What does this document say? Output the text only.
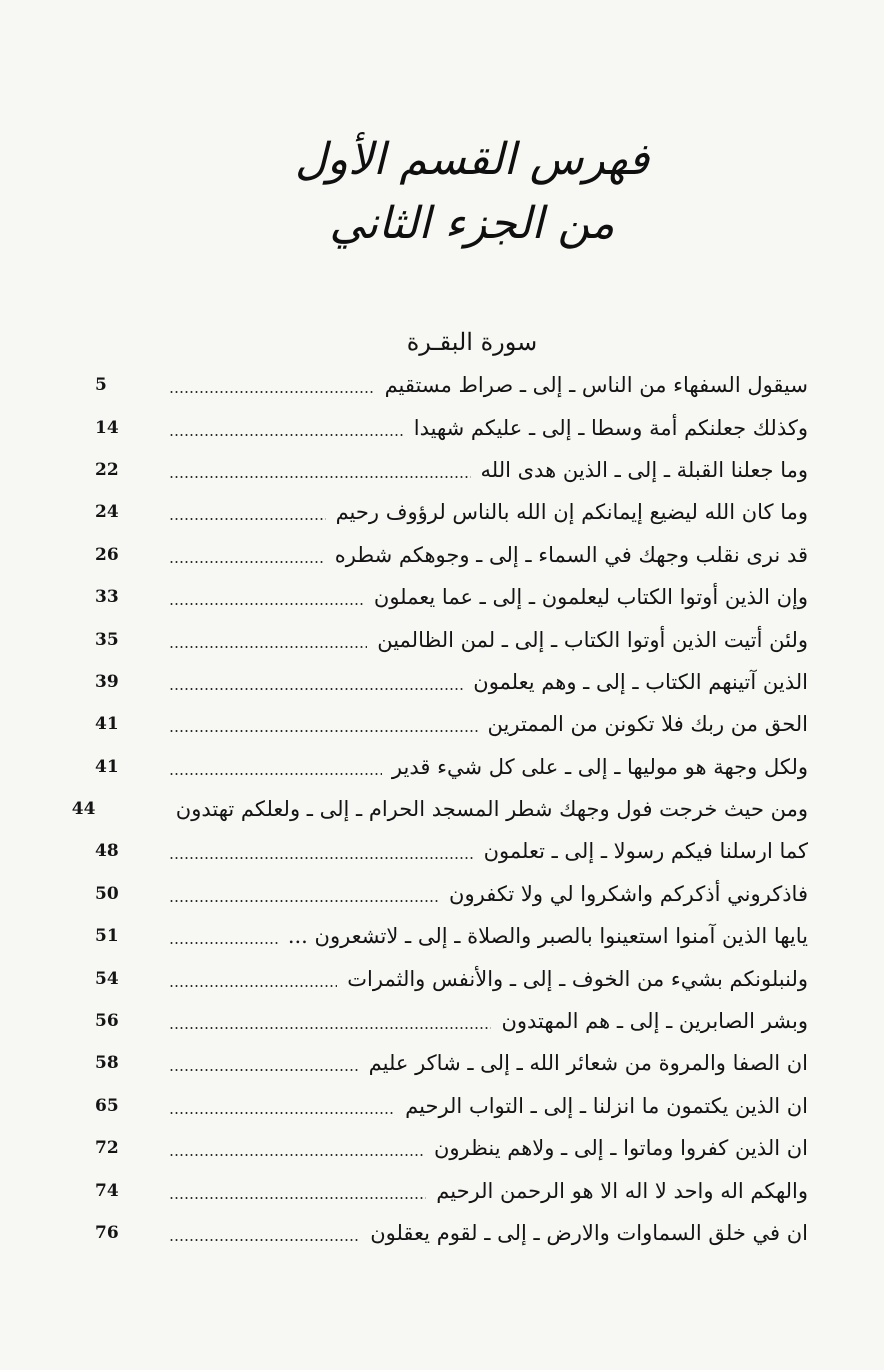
فهرس القسم الأول
من الجزء الثاني
سورة البقـرة
سيقول السفهاء من الناس ـ إلى ـ صراط مستقيم
5
وكذلك جعلنكم أمة وسطا ـ إلى ـ عليكم شهيدا
14
وما جعلنا القبلة ـ إلى ـ الذين هدى الله
22
وما كان الله ليضيع إيمانكم إن الله بالناس لرؤوف رحيم
24
قد نرى نقلب وجهك في السماء ـ إلى ـ وجوهكم شطره
26
وإن الذين أوتوا الكتاب ليعلمون ـ إلى ـ عما يعملون
33
ولئن أتيت الذين أوتوا الكتاب ـ إلى ـ لمن الظالمين
35
الذين آتينهم الكتاب ـ إلى ـ وهم يعلمون
39
الحق من ربك فلا تكونن من الممترين
41
ولكل وجهة هو موليها ـ إلى ـ على كل شيء قدير
41
ومن حيث خرجت فول وجهك شطر المسجد الحرام ـ إلى ـ ولعلكم تهتدون
44
كما ارسلنا فيكم رسولا ـ إلى ـ تعلمون
48
فاذكروني أذكركم واشكروا لي ولا تكفرون
50
يايها الذين آمنوا استعينوا بالصبر والصلاة ـ إلى ـ لاتشعرون ...
51
ولنبلونكم بشيء من الخوف ـ إلى ـ والأنفس والثمرات
54
وبشر الصابرين ـ إلى ـ هم المهتدون
56
ان الصفا والمروة من شعائر الله ـ إلى ـ شاكر عليم
58
ان الذين يكتمون ما انزلنا ـ إلى ـ التواب الرحيم
65
ان الذين كفروا وماتوا ـ إلى ـ ولاهم ينظرون
72
والهكم اله واحد لا اله الا هو الرحمن الرحيم
74
ان في خلق السماوات والارض ـ إلى ـ لقوم يعقلون
76
